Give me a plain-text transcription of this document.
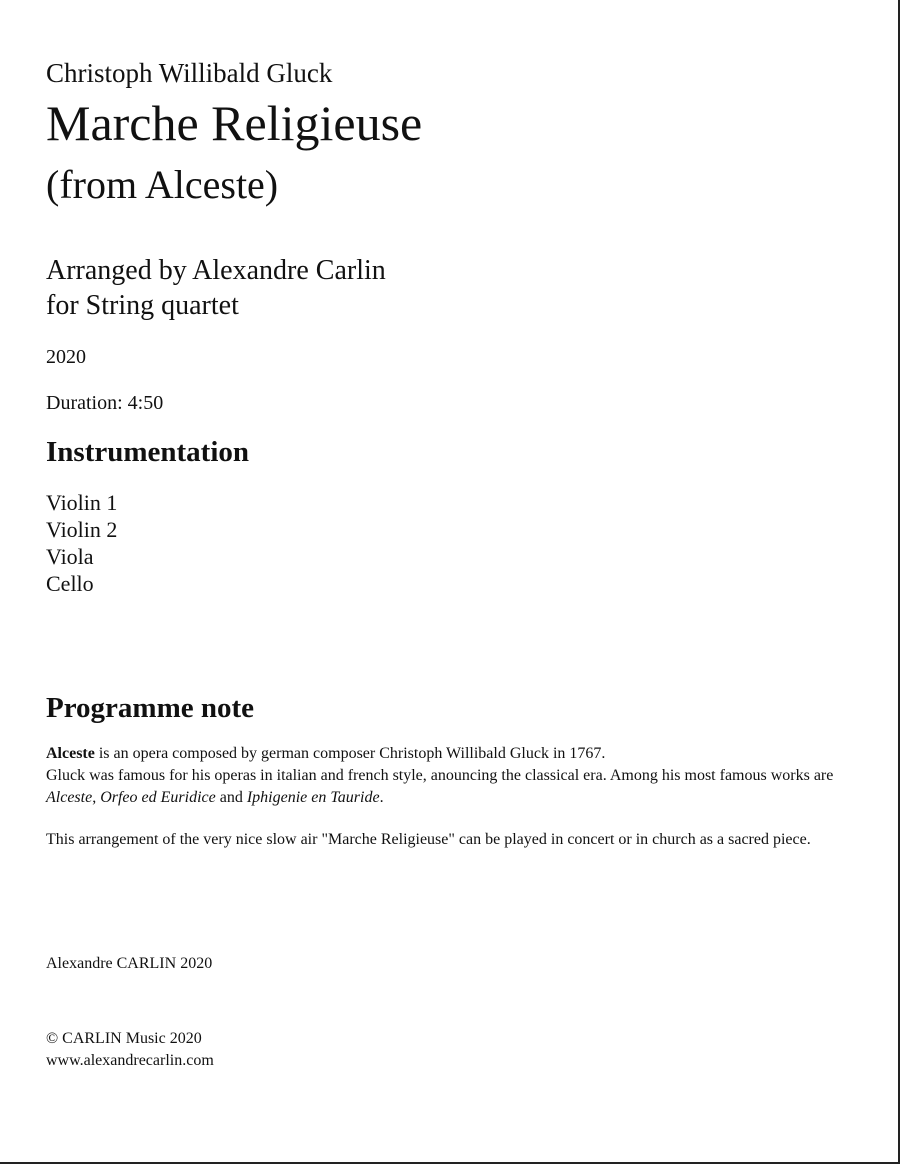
Christoph Willibald Gluck
Marche Religieuse
(from Alceste)
Arranged by Alexandre Carlin
for String quartet
2020
Duration: 4:50
Instrumentation
Violin 1
Violin 2
Viola
Cello
Programme note

Alceste is an opera composed by german composer Christoph Willibald Gluck in 1767.
Gluck was famous for his operas in italian and french style, anouncing the classical era. Among his most famous works are Alceste, Orfeo ed Euridice and Iphigenie en Tauride.

This arrangement of the very nice slow air "Marche Religieuse" can be played in concert or in church as a sacred piece.

Alexandre CARLIN 2020
© CARLIN Music 2020
www.alexandrecarlin.com
